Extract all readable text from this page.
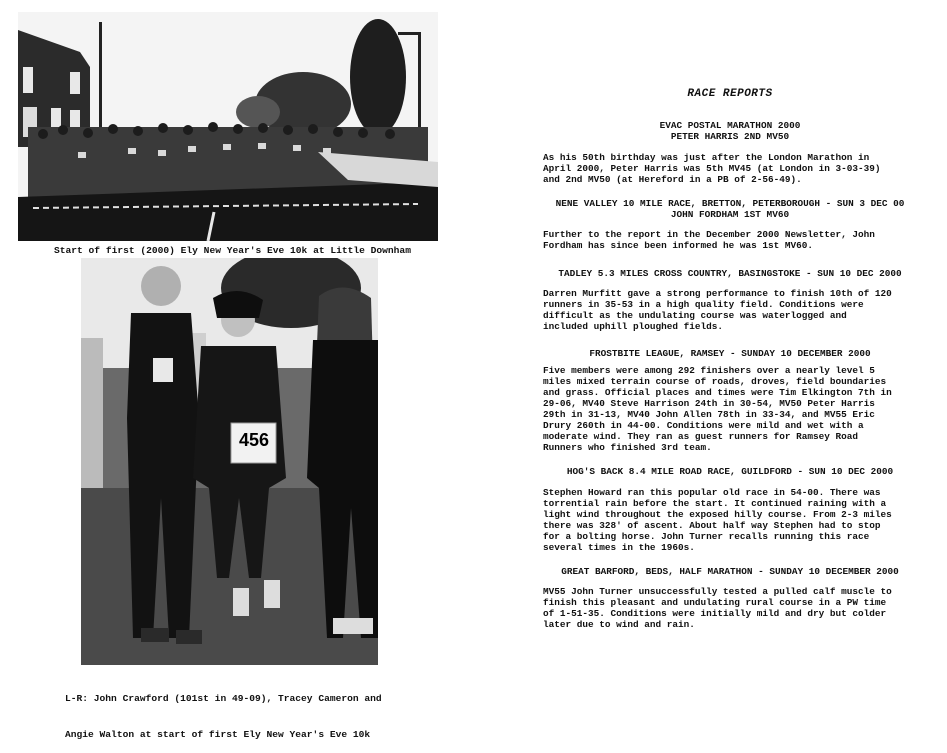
Start of first (2000) Ely New Year's Eve 10k at Little Downham
456

L-R: John Crawford (101st in 49-09), Tracey Cameron and

Angie Walton at start of first Ely New Year's Eve 10k

RACE REPORTS
EVAC POSTAL MARATHON 2000
PETER HARRIS 2ND MV50

As his 50th birthday was just after the London Marathon in

April 2000, Peter Harris was 5th MV45 (at London in 3-03-39)

and 2nd MV50 (at Hereford in a PB of 2-56-49).

NENE VALLEY 10 MILE RACE, BRETTON, PETERBOROUGH - SUN 3 DEC 00
JOHN FORDHAM 1ST MV60

Further to the report in the December 2000 Newsletter, John

Fordham has since been informed he was 1st MV60.

TADLEY 5.3 MILES CROSS COUNTRY, BASINGSTOKE - SUN 10 DEC 2000

Darren Murfitt gave a strong performance to finish 10th of 120

runners in 35-53 in a high quality field. Conditions were

difficult as the undulating course was waterlogged and

included uphill ploughed fields.

FROSTBITE LEAGUE, RAMSEY - SUNDAY 10 DECEMBER 2000

Five members were among 292 finishers over a nearly level 5

miles mixed terrain course of roads, droves, field boundaries

and grass. Official places and times were Tim Elkington 7th in

29-06, MV40 Steve Harrison 24th in 30-54, MV50 Peter Harris

29th in 31-13, MV40 John Allen 78th in 33-34, and MV55 Eric

Drury 260th in 44-00. Conditions were mild and wet with a

moderate wind. They ran as guest runners for Ramsey Road

Runners who finished 3rd team.

HOG'S BACK 8.4 MILE ROAD RACE, GUILDFORD - SUN 10 DEC 2000

Stephen Howard ran this popular old race in 54-00. There was

torrential rain before the start. It continued raining with a

light wind throughout the exposed hilly course. From 2-3 miles

there was 328' of ascent. About half way Stephen had to stop

for a bolting horse. John Turner recalls running this race

several times in the 1960s.

GREAT BARFORD, BEDS, HALF MARATHON - SUNDAY 10 DECEMBER 2000

MV55 John Turner unsuccessfully tested a pulled calf muscle to

finish this pleasant and undulating rural course in a PW time

of 1-51-35. Conditions were initially mild and dry but colder

later due to wind and rain.
